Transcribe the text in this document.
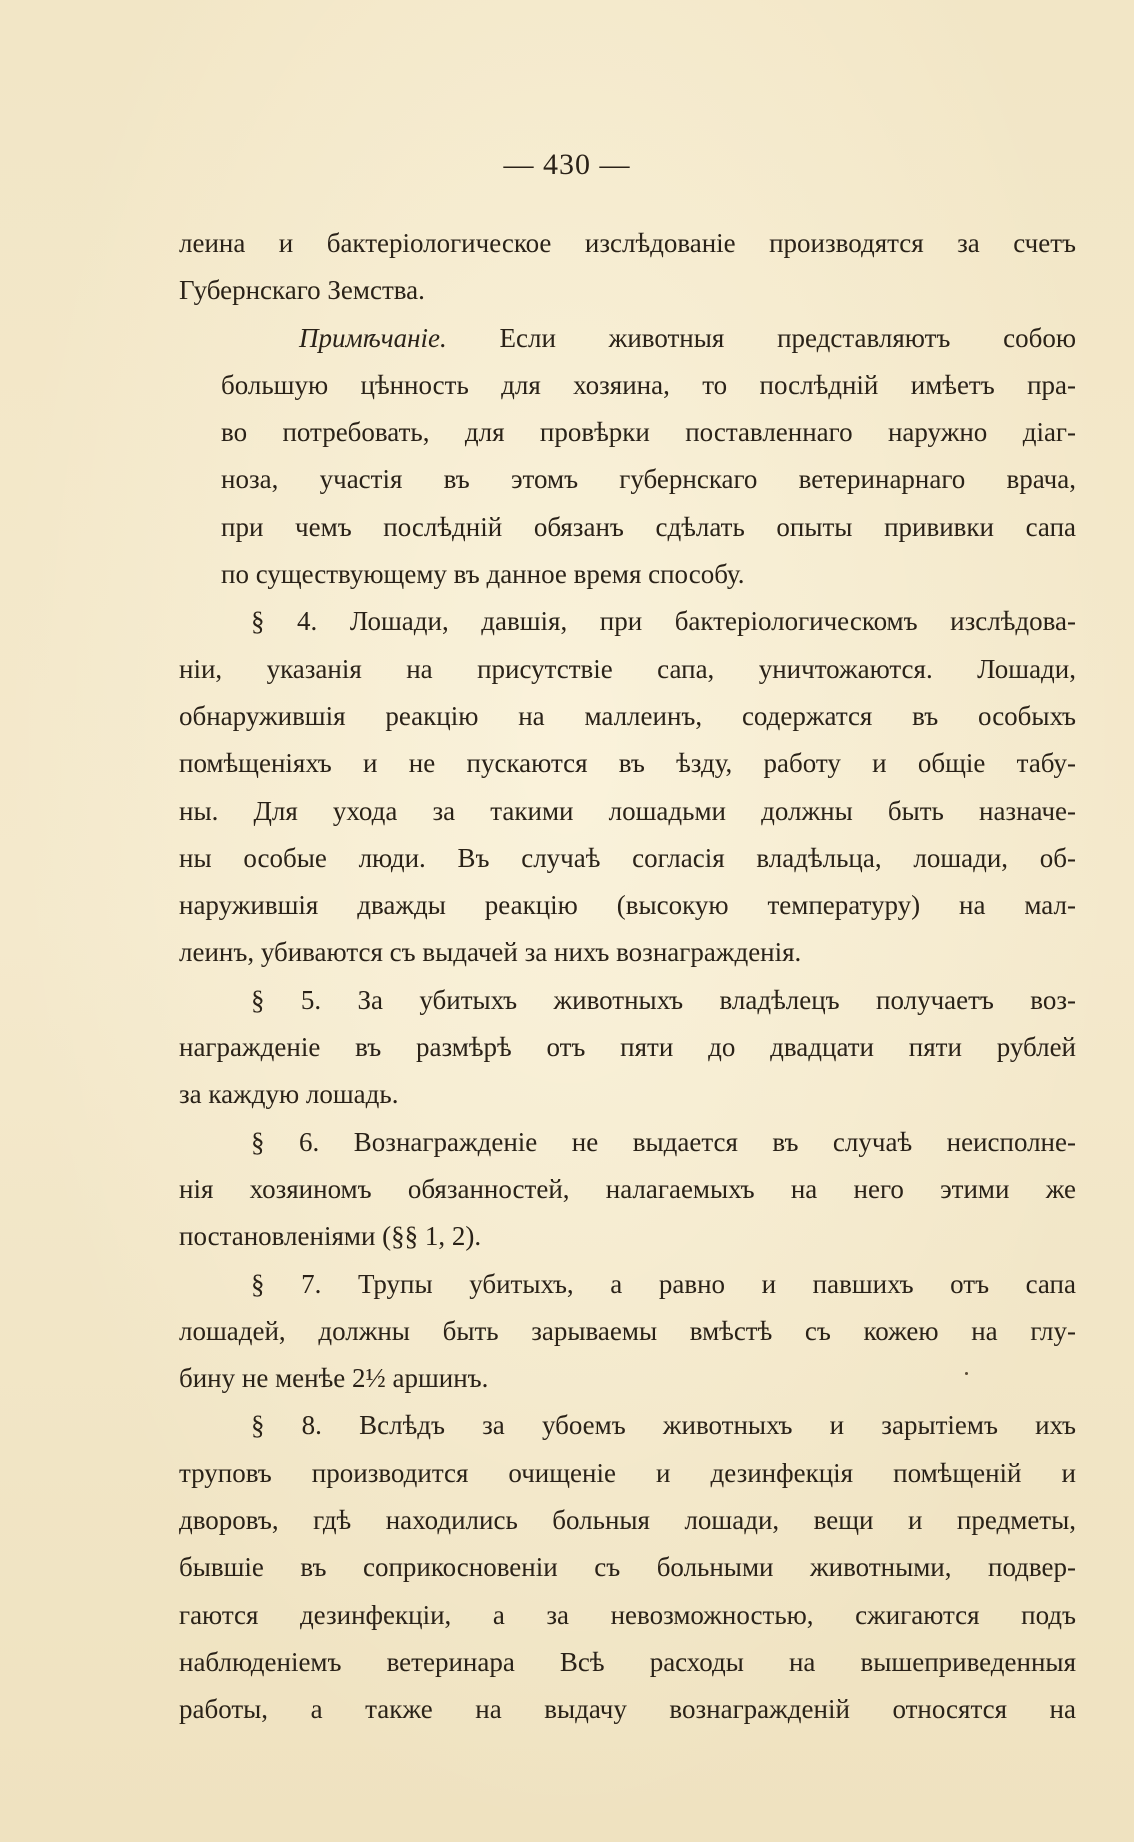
— 430 —
леина и бактеріологическое изслѣдованіе производятся за счетъ
Губернскаго Земства.
Примѣчаніе. Если животныя представляютъ собою
большую цѣнность для хозяина, то послѣдній имѣетъ пра-
во потребовать, для провѣрки поставленнаго наружно діаг-
ноза, участія въ этомъ губернскаго ветеринарнаго врача,
при чемъ послѣдній обязанъ сдѣлать опыты прививки сапа
по существующему въ данное время способу.
§ 4. Лошади, давшія, при бактеріологическомъ изслѣдова-
ніи, указанія на присутствіе сапа, уничтожаются. Лошади,
обнаружившія реакцію на маллеинъ, содержатся въ особыхъ
помѣщеніяхъ и не пускаются въ ѣзду, работу и общіе табу-
ны. Для ухода за такими лошадьми должны быть назначе-
ны особые люди. Въ случаѣ согласія владѣльца, лошади, об-
наружившія дважды реакцію (высокую температуру) на мал-
леинъ, убиваются съ выдачей за нихъ вознагражденія.
§ 5. За убитыхъ животныхъ владѣлецъ получаетъ воз-
награжденіе въ размѣрѣ отъ пяти до двадцати пяти рублей
за каждую лошадь.
§ 6. Вознагражденіе не выдается въ случаѣ неисполне-
нія хозяиномъ обязанностей, налагаемыхъ на него этими же
постановленіями (§§ 1, 2).
§ 7. Трупы убитыхъ, а равно и павшихъ отъ сапа
лошадей, должны быть зарываемы вмѣстѣ съ кожею на глу-
бину не менѣе 2½ аршинъ.
§ 8. Вслѣдъ за убоемъ животныхъ и зарытіемъ ихъ
труповъ производится очищеніе и дезинфекція помѣщеній и
дворовъ, гдѣ находились больныя лошади, вещи и предметы,
бывшіе въ соприкосновеніи съ больными животными, подвер-
гаются дезинфекціи, а за невозможностью, сжигаются подъ
наблюденіемъ ветеринара Всѣ расходы на вышеприведенныя
работы, а также на выдачу вознагражденій относятся на
